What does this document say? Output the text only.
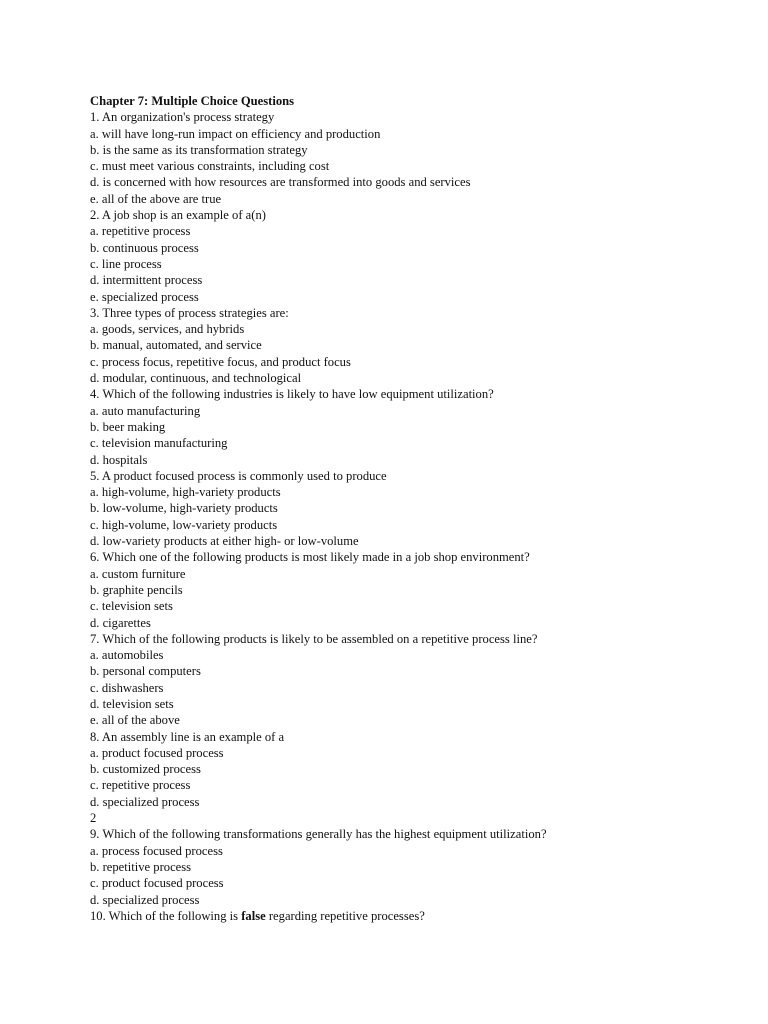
Chapter 7: Multiple Choice Questions
1. An organization's process strategy
a. will have long-run impact on efficiency and production
b. is the same as its transformation strategy
c. must meet various constraints, including cost
d. is concerned with how resources are transformed into goods and services
e. all of the above are true
2. A job shop is an example of a(n)
a. repetitive process
b. continuous process
c. line process
d. intermittent process
e. specialized process
3. Three types of process strategies are:
a. goods, services, and hybrids
b. manual, automated, and service
c. process focus, repetitive focus, and product focus
d. modular, continuous, and technological
4. Which of the following industries is likely to have low equipment utilization?
a. auto manufacturing
b. beer making
c. television manufacturing
d. hospitals
5. A product focused process is commonly used to produce
a. high-volume, high-variety products
b. low-volume, high-variety products
c. high-volume, low-variety products
d. low-variety products at either high- or low-volume
6. Which one of the following products is most likely made in a job shop environment?
a. custom furniture
b. graphite pencils
c. television sets
d. cigarettes
7. Which of the following products is likely to be assembled on a repetitive process line?
a. automobiles
b. personal computers
c. dishwashers
d. television sets
e. all of the above
8. An assembly line is an example of a
a. product focused process
b. customized process
c. repetitive process
d. specialized process
2
9. Which of the following transformations generally has the highest equipment utilization?
a. process focused process
b. repetitive process
c. product focused process
d. specialized process
10. Which of the following is false regarding repetitive processes?
